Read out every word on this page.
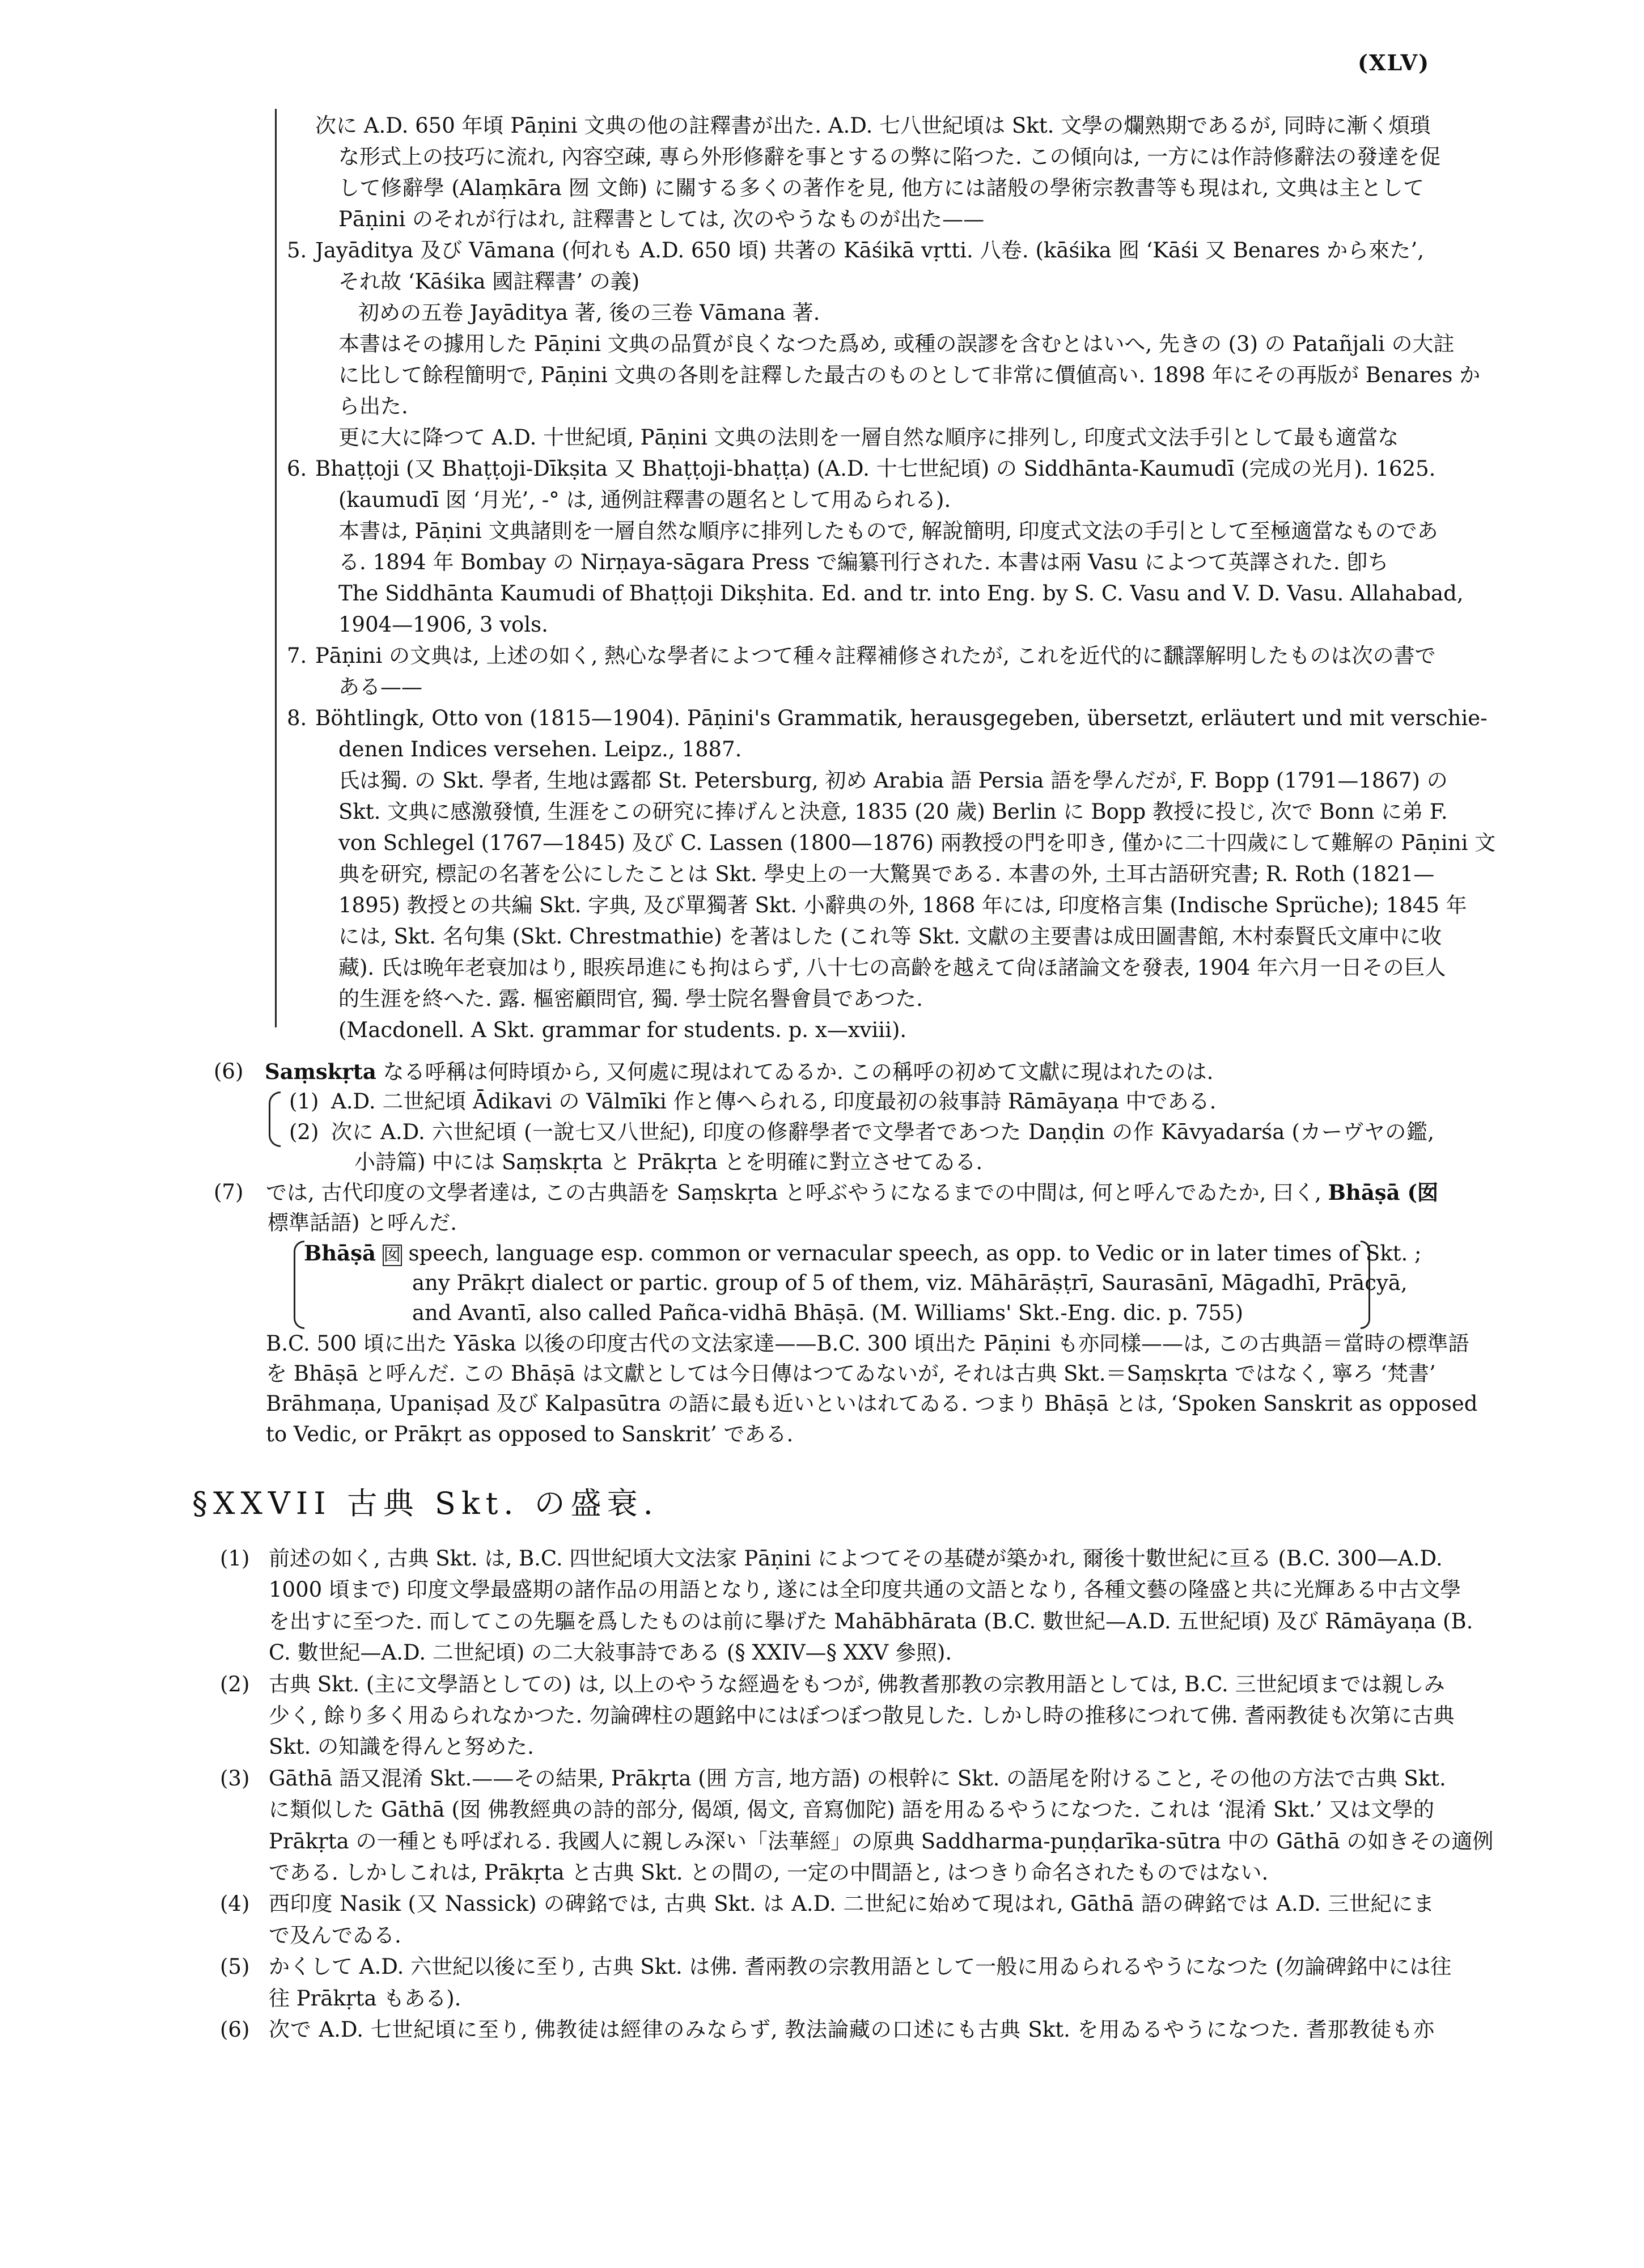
(XLV)
次に A.D. 650 年頃 Pāṇini 文典の他の註釋書が出た. A.D. 七八世紀頃は Skt. 文學の爛熟期であるが, 同時に漸く煩瑣
な形式上の技巧に流れ, 內容空疎, 專ら外形修辭を事とするの弊に陷つた. この傾向は, 一方には作詩修辭法の發達を促
して修辭學 (Alaṃkāra 囫 文飾) に關する多くの著作を見, 他方には諸般の學術宗教書等も現はれ, 文典は主として
Pāṇini のそれが行はれ, 註釋書としては, 次のやうなものが出た——
5. Jayāditya 及び Vāmana (何れも A.D. 650 頃) 共著の Kāśikā vṛtti. 八卷. (kāśika 囮 ‘Kāśi 又 Benares から來た’,
それ故 ‘Kāśika 國註釋書’ の義)
初めの五卷 Jayāditya 著, 後の三卷 Vāmana 著.
本書はその據用した Pāṇini 文典の品質が良くなつた爲め, 或種の誤謬を含むとはいへ, 先きの (3) の Patañjali の大註
に比して餘程簡明で, Pāṇini 文典の各則を註釋した最古のものとして非常に價値高い. 1898 年にその再版が Benares か
ら出た.
更に大に降つて A.D. 十世紀頃, Pāṇini 文典の法則を一層自然な順序に排列し, 印度式文法手引として最も適當な
6. Bhaṭṭoji (又 Bhaṭṭoji-Dīkṣita 又 Bhaṭṭoji-bhaṭṭa) (A.D. 十七世紀頃) の Siddhānta-Kaumudī (完成の光月). 1625.
(kaumudī 囡 ‘月光’, -° は, 通例註釋書の題名として用ゐられる).
本書は, Pāṇini 文典諸則を一層自然な順序に排列したもので, 解說簡明, 印度式文法の手引として至極適當なものであ
る. 1894 年 Bombay の Nirṇaya-sāgara Press で編纂刊行された. 本書は兩 Vasu によつて英譯された. 卽ち
The Siddhānta Kaumudi of Bhaṭṭoji Dikṣhita. Ed. and tr. into Eng. by S. C. Vasu and V. D. Vasu. Allahabad,
1904—1906, 3 vols.
7. Pāṇini の文典は, 上述の如く, 熱心な學者によつて種々註釋補修されたが, これを近代的に飜譯解明したものは次の書で
ある——
8. Böhtlingk, Otto von (1815—1904). Pāṇini's Grammatik, herausgegeben, übersetzt, erläutert und mit verschie-
denen Indices versehen. Leipz., 1887.
氏は獨. の Skt. 學者, 生地は露都 St. Petersburg, 初め Arabia 語 Persia 語を學んだが, F. Bopp (1791—1867) の
Skt. 文典に感激發憤, 生涯をこの研究に捧げんと決意, 1835 (20 歲) Berlin に Bopp 教授に投じ, 次で Bonn に弟 F.
von Schlegel (1767—1845) 及び C. Lassen (1800—1876) 兩教授の門を叩き, 僅かに二十四歲にして難解の Pāṇini 文
典を研究, 標記の名著を公にしたことは Skt. 學史上の一大驚異である. 本書の外, 土耳古語研究書; R. Roth (1821—
1895) 教授との共編 Skt. 字典, 及び單獨著 Skt. 小辭典の外, 1868 年には, 印度格言集 (Indische Sprüche); 1845 年
には, Skt. 名句集 (Skt. Chrestmathie) を著はした (これ等 Skt. 文獻の主要書は成田圖書館, 木村泰賢氏文庫中に收
藏). 氏は晩年老衰加はり, 眼疾昂進にも拘はらず, 八十七の高齡を越えて尙ほ諸論文を發表, 1904 年六月一日その巨人
的生涯を終へた. 露. 樞密顧問官, 獨. 學士院名譽會員であつた.
(Macdonell. A Skt. grammar for students. p. x—xviii).
(6) Saṃskṛta なる呼稱は何時頃から, 又何處に現はれてゐるか. この稱呼の初めて文獻に現はれたのは.
(1) A.D. 二世紀頃 Ādikavi の Vālmīki 作と傳へられる, 印度最初の敍事詩 Rāmāyaṇa 中である.
(2) 次に A.D. 六世紀頃 (一說七又八世紀), 印度の修辭學者で文學者であつた Daṇḍin の作 Kāvyadarśa (カーヴヤの鑑,
小詩篇) 中には Saṃskṛta と Prākṛta とを明確に對立させてゐる.
(7) では, 古代印度の文學者達は, この古典語を Saṃskṛta と呼ぶやうになるまでの中間は, 何と呼んでゐたか, 曰く, Bhāṣā (囡
標準話語) と呼んだ.
Bhāṣā 囡 speech, language esp. common or vernacular speech, as opp. to Vedic or in later times of Skt. ;
any Prākṛt dialect or partic. group of 5 of them, viz. Māhārāṣṭrī, Saurasānī, Māgadhī, Prācyā,
and Avantī, also called Pañca-vidhā Bhāṣā. (M. Williams' Skt.-Eng. dic. p. 755)
B.C. 500 頃に出た Yāska 以後の印度古代の文法家達——B.C. 300 頃出た Pāṇini も亦同樣——は, この古典語＝當時の標準語
を Bhāṣā と呼んだ. この Bhāṣā は文獻としては今日傳はつてゐないが, それは古典 Skt.＝Saṃskṛta ではなく, 寧ろ ‘梵書’
Brāhmaṇa, Upaniṣad 及び Kalpasūtra の語に最も近いといはれてゐる. つまり Bhāṣā とは, ‘Spoken Sanskrit as opposed
to Vedic, or Prākṛt as opposed to Sanskrit’ である.
§XXVII 古典 Skt. の盛衰.
(1) 前述の如く, 古典 Skt. は, B.C. 四世紀頃大文法家 Pāṇini によつてその基礎が築かれ, 爾後十數世紀に亘る (B.C. 300—A.D.
1000 頃まで) 印度文學最盛期の諸作品の用語となり, 遂には全印度共通の文語となり, 各種文藝の隆盛と共に光輝ある中古文學
を出すに至つた. 而してこの先驅を爲したものは前に擧げた Mahābhārata (B.C. 數世紀—A.D. 五世紀頃) 及び Rāmāyaṇa (B.
C. 數世紀—A.D. 二世紀頃) の二大敍事詩である (§ XXIV—§ XXV 參照).
(2) 古典 Skt. (主に文學語としての) は, 以上のやうな經過をもつが, 佛教耆那教の宗教用語としては, B.C. 三世紀頃までは親しみ
少く, 餘り多く用ゐられなかつた. 勿論碑柱の題銘中にはぼつぼつ散見した. しかし時の推移につれて佛. 耆兩教徒も次第に古典
Skt. の知識を得んと努めた.
(3) Gāthā 語又混淆 Skt.——その結果, Prākṛta (囲 方言, 地方語) の根幹に Skt. の語尾を附けること, その他の方法で古典 Skt.
に類似した Gāthā (囡 佛教經典の詩的部分, 偈頌, 偈文, 音寫伽陀) 語を用ゐるやうになつた. これは ‘混淆 Skt.’ 又は文學的
Prākṛta の一種とも呼ばれる. 我國人に親しみ深い「法華經」の原典 Saddharma-puṇḍarīka-sūtra 中の Gāthā の如きその適例
である. しかしこれは, Prākṛta と古典 Skt. との間の, 一定の中間語と, はつきり命名されたものではない.
(4) 西印度 Nasik (又 Nassick) の碑銘では, 古典 Skt. は A.D. 二世紀に始めて現はれ, Gāthā 語の碑銘では A.D. 三世紀にま
で及んでゐる.
(5) かくして A.D. 六世紀以後に至り, 古典 Skt. は佛. 耆兩教の宗教用語として一般に用ゐられるやうになつた (勿論碑銘中には往
往 Prākṛta もある).
(6) 次で A.D. 七世紀頃に至り, 佛教徒は經律のみならず, 教法論藏の口述にも古典 Skt. を用ゐるやうになつた. 耆那教徒も亦
